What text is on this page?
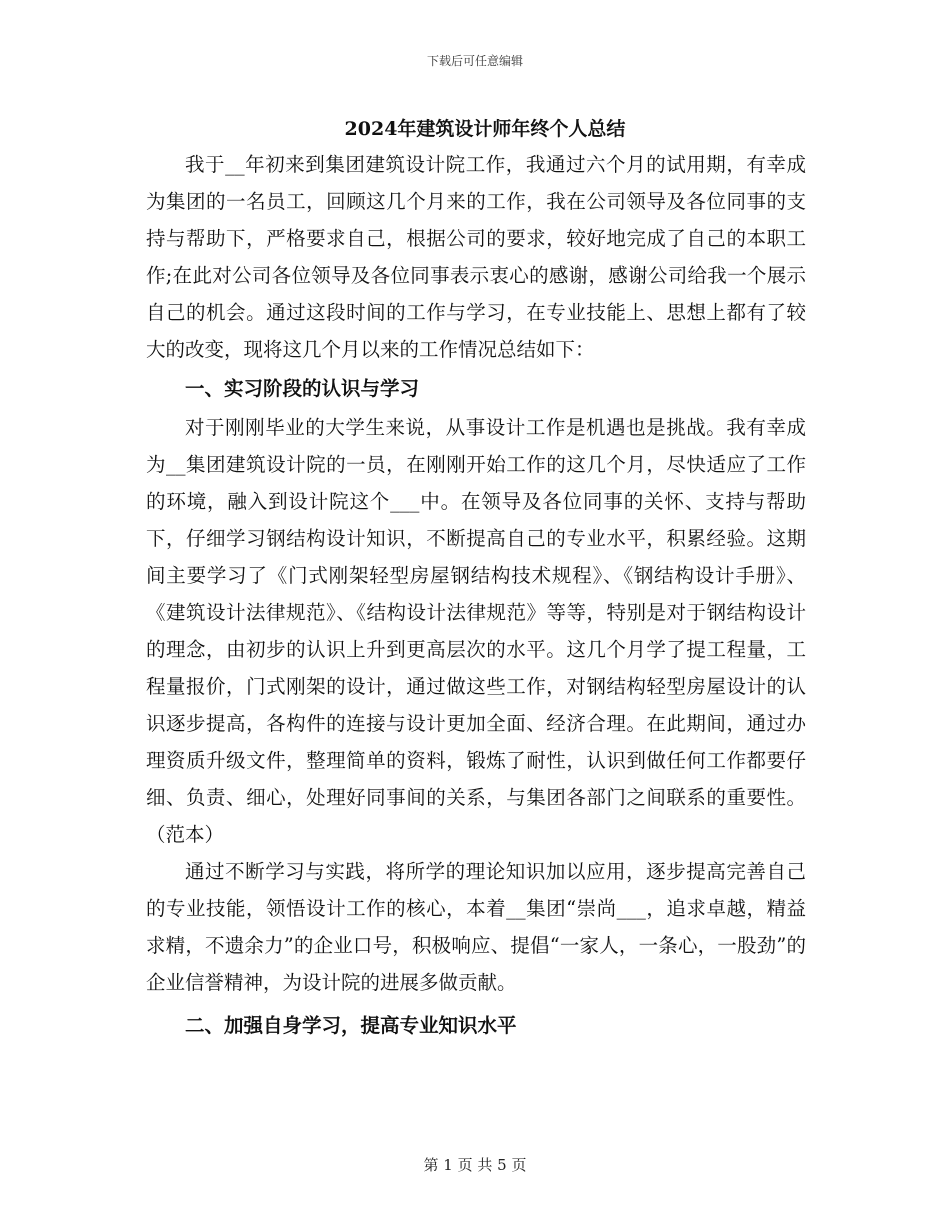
下载后可任意编辑
2024年建筑设计师年终个人总结

我于__年初来到集团建筑设计院工作，我通过六个月的试用期，有幸成为集团的一名员工，回顾这几个月来的工作，我在公司领导及各位同事的支持与帮助下，严格要求自己，根据公司的要求，较好地完成了自己的本职工作;在此对公司各位领导及各位同事表示衷心的感谢，感谢公司给我一个展示自己的机会。通过这段时间的工作与学习，在专业技能上、思想上都有了较大的改变，现将这几个月以来的工作情况总结如下：

一、实习阶段的认识与学习

对于刚刚毕业的大学生来说，从事设计工作是机遇也是挑战。我有幸成为__集团建筑设计院的一员，在刚刚开始工作的这几个月，尽快适应了工作的环境，融入到设计院这个___中。在领导及各位同事的关怀、支持与帮助下，仔细学习钢结构设计知识，不断提高自己的专业水平，积累经验。这期间主要学习了《门式刚架轻型房屋钢结构技术规程》、《钢结构设计手册》、《建筑设计法律规范》、《结构设计法律规范》等等，特别是对于钢结构设计的理念，由初步的认识上升到更高层次的水平。这几个月学了提工程量，工程量报价，门式刚架的设计，通过做这些工作，对钢结构轻型房屋设计的认识逐步提高，各构件的连接与设计更加全面、经济合理。在此期间，通过办理资质升级文件，整理简单的资料，锻炼了耐性，认识到做任何工作都要仔细、负责、细心，处理好同事间的关系，与集团各部门之间联系的重要性。（范本）

通过不断学习与实践，将所学的理论知识加以应用，逐步提高完善自己的专业技能，领悟设计工作的核心，本着__集团“崇尚___，追求卓越，精益求精，不遗余力”的企业口号，积极响应、提倡“一家人，一条心，一股劲”的企业信誉精神，为设计院的进展多做贡献。

二、加强自身学习，提高专业知识水平
第 1 页 共 5 页
